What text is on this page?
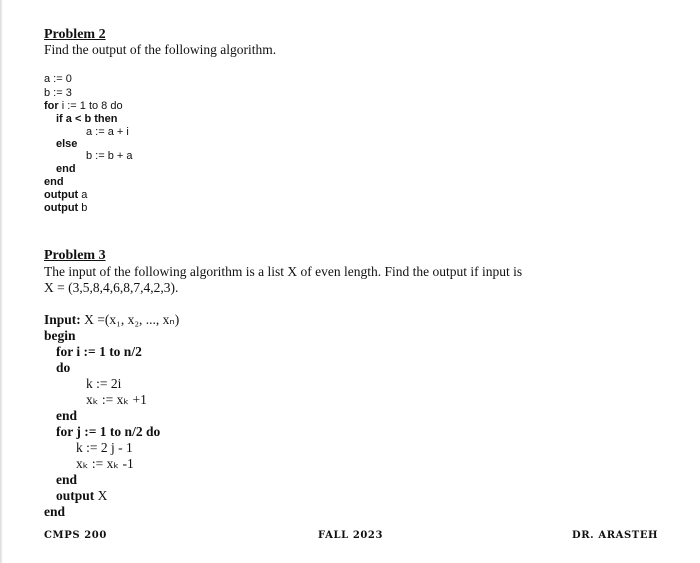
Problem 2
Find the output of the following algorithm.
a := 0
b := 3
for i := 1 to 8 do
if a < b then
a := a + i
else
b := b + a
end
end
output a
output b
Problem 3
The input of the following algorithm is a list X of even length. Find the output if input is
X = (3,5,8,4,6,8,7,4,2,3).
Input: X =(x₁, x₂, ..., xₙ)
begin
for i := 1 to n/2
do
k := 2i
xₖ := xₖ +1
end
for j := 1 to n/2 do
k := 2 j - 1
xₖ := xₖ -1
end
output X
end
CMPS 200	FALL 2023	DR. ARASTEH
